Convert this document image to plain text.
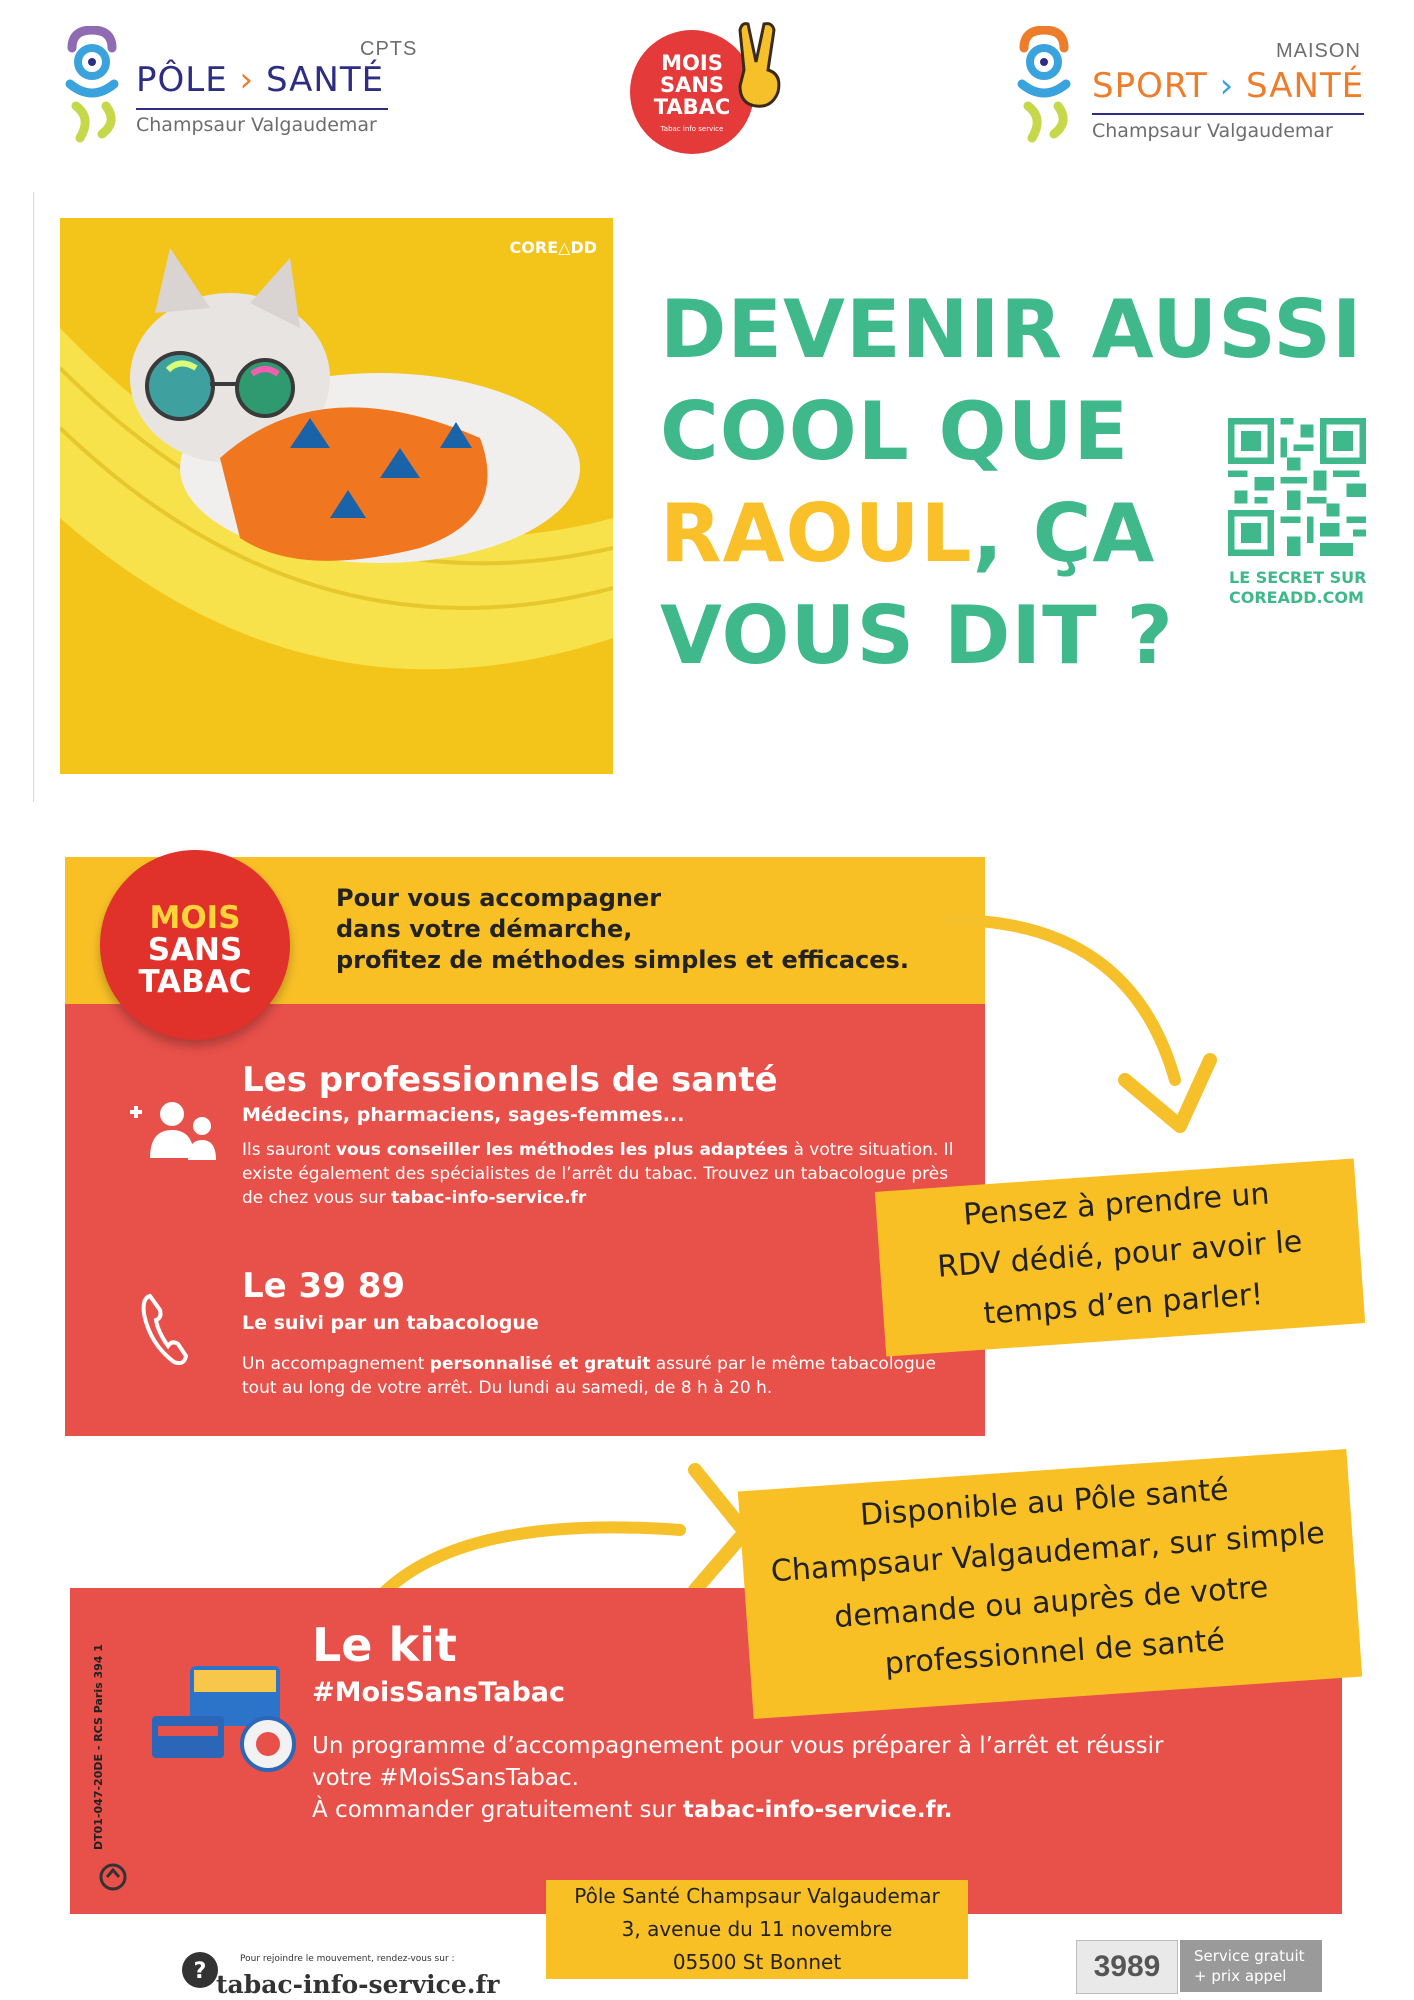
CPTS
PÔLE › SANTÉ
Champsaur Valgaudemar
MOIS
SANS
TABAC
Tabac info service
MAISON
SPORT › SANTÉ
Champsaur Valgaudemar
CORE△DD
DEVENIR AUSSI
COOL QUE
RAOUL, ÇA
VOUS DIT ?
LE SECRET SUR
COREADD.COM
MOIS
SANS
TABAC
Pour vous accompagner
dans votre démarche,
profitez de méthodes simples et efficaces.
Les professionnels de santé
Médecins, pharmaciens, sages-femmes...
Ils sauront vous conseiller les méthodes les plus adaptées à votre situation. Il existe également des spécialistes de l’arrêt du tabac. Trouvez un tabacologue près de chez vous sur tabac-info-service.fr
Le 39 89
Le suivi par un tabacologue
Un accompagnement personnalisé et gratuit assuré par le même tabacologue tout au long de votre arrêt. Du lundi au samedi, de 8 h à 20 h.
Pensez à prendre un
RDV dédié, pour avoir le
temps d’en parler!
Le kit
#MoisSansTabac
Un programme d’accompagnement pour vous préparer à l’arrêt et réussir votre #MoisSansTabac.
À commander gratuitement sur tabac-info-service.fr.
DT01-047-20DE - RCS Paris 394 1
Disponible au Pôle santé
Champsaur Valgaudemar, sur simple
demande ou auprès de votre
professionnel de santé
Pôle Santé Champsaur Valgaudemar
3, avenue du 11 novembre
05500 St Bonnet
?	Pour rejoindre le mouvement, rendez-vous sur :
tabac-info-service.fr
3989	Service gratuit
+ prix appel
